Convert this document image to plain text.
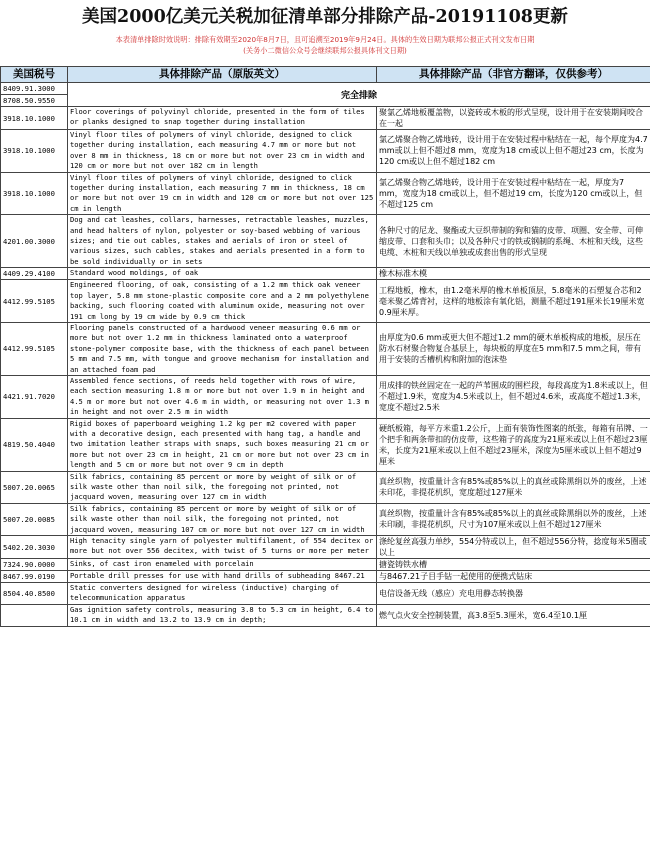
美国2000亿美元关税加征清单部分排除产品-20191108更新
本表清单排除时效说明：排除有效期至2020年8月7日，且可追溯至2019年9月24日。具体的生效日期为联邦公报正式刊文发布日期
(关务小二微信公众号会继续联邦公报具体刊文日期)
美国税号	具体排除产品（原版英文）	具体排除产品（非官方翻译，仅供参考）
8409.91.3000	完全排除	
8708.50.9550		
3918.10.1000	Floor coverings of polyvinyl chloride, presented in the form of tiles or planks designed to snap together during installation	聚氯乙烯地板覆盖物，以瓷砖或木板的形式呈现，设计用于在安装期间咬合在一起
3918.10.1000	Vinyl floor tiles of polymers of vinyl chloride, designed to click together during installation, each measuring 4.7 mm or more but not over 8 mm in thickness, 18 cm or more but not over 23 cm in width and 120 cm or more but not over 182 cm in length	氯乙烯聚合物乙烯地砖，设计用于在安装过程中粘结在一起，每个厚度为4.7 mm或以上但不超过8 mm，宽度为18 cm或以上但不超过23 cm，长度为120 cm或以上但不超过182 cm
3918.10.1000	Vinyl floor tiles of polymers of vinyl chloride, designed to click together during installation, each measuring 7 mm in thickness, 18 cm or more but not over 19 cm in width and 120 cm or more but not over 125 cm in length	氯乙烯聚合物乙烯地砖，设计用于在安装过程中粘结在一起，厚度为7 mm，宽度为18 cm或以上，但不超过19 cm，长度为120 cm或以上，但不超过125 cm
4201.00.3000	Dog and cat leashes, collars, harnesses, retractable leashes, muzzles, and head halters of nylon, polyester or soy-based webbing of various sizes; and tie out cables, stakes and aerials of iron or steel of various sizes, such cables, stakes and aerials presented in a form to be sold individually or in sets	各种尺寸的尼龙、聚酯或大豆织带制的狗和猫的皮带、项圈、安全带、可伸缩皮带、口套和头巾；以及各种尺寸的铁或钢制的系绳、木桩和天线，这些电缆、木桩和天线以单独或成套出售的形式呈现
4409.29.4100	Standard wood moldings, of oak	橡木标准木模
4412.99.5105	Engineered flooring, of oak, consisting of a 1.2 mm thick oak veneer top layer, 5.8 mm stone-plastic composite core and a 2 mm polyethylene backing, such flooring coated with aluminum oxide, measuring not over 191 cm long by 19 cm wide by 0.9 cm thick	工程地板，橡木，由1.2毫米厚的橡木单板顶层，5.8毫米的石塑复合芯和2毫米聚乙烯背衬，这样的地板涂有氧化铝，测量不超过191厘米长19厘米宽0.9厘米厚。
4412.99.5105	Flooring panels constructed of a hardwood veneer measuring 0.6 mm or more but not over 1.2 mm in thickness laminated onto a waterproof stone-polymer composite base, with the thickness of each panel between 5 mm and 7.5 mm, with tongue and groove mechanism for installation and an attached foam pad	由厚度为0.6 mm或更大但不超过1.2 mm的硬木单板构成的地板，层压在防水石材聚合物复合基层上，每块板的厚度在5 mm和7.5 mm之间，带有用于安装的舌槽机构和附加的泡沫垫
4421.91.7020	Assembled fence sections, of reeds held together with rows of wire, each section measuring 1.8 m or more but not over 1.9 m in height and 4.5 m or more but not over 4.6 m in width, or measuring not over 1.3 m in height and not over 2.5 m in width	用成排的铁丝固定在一起的芦苇围成的围栏段，每段高度为1.8米或以上，但不超过1.9米，宽度为4.5米或以上，但不超过4.6米，或高度不超过1.3米，宽度不超过2.5米
4819.50.4040	Rigid boxes of paperboard weighing 1.2 kg per m2 covered with paper with a decorative design, each presented with hang tag, a handle and two imitation leather straps with snaps, such boxes measuring 21 cm or more but not over 23 cm in height, 21 cm or more but not over 23 cm in length and 5 cm or more but not over 9 cm in depth	硬纸板箱，每平方米重1.2公斤，上面有装饰性图案的纸张，每箱有吊牌、一个把手和两条带扣的仿皮带，这些箱子的高度为21厘米或以上但不超过23厘米，长度为21厘米或以上但不超过23厘米，深度为5厘米或以上但不超过9厘米
5007.20.0065	Silk fabrics, containing 85 percent or more by weight of silk or of silk waste other than noil silk, the foregoing not printed, not jacquard woven, measuring over 127 cm in width	真丝织物，按重量计含有85%或85%以上的真丝或除黑绢以外的废丝，上述未印花，非提花机织，宽度超过127厘米
5007.20.0085	Silk fabrics, containing 85 percent or more by weight of silk or of silk waste other than noil silk, the foregoing not printed, not jacquard woven, measuring 107 cm or more but not over 127 cm in width	真丝织物，按重量计含有85%或85%以上的真丝或除黑绢以外的废丝，上述未印刷，非提花机织，尺寸为107厘米或以上但不超过127厘米
5402.20.3030	High tenacity single yarn of polyester multifilament, of 554 decitex or more but not over 556 decitex, with twist of 5 turns or more per meter	涤纶复丝高强力单纱，554分特或以上，但不超过556分特，捻度每米5圈或以上
7324.90.0000	Sinks, of cast iron enameled with porcelain	搪瓷铸铁水槽
8467.99.0190	Portable drill presses for use with hand drills of subheading 8467.21	与8467.21子目手钻一起使用的便携式钻床
8504.40.8500	Static converters designed for wireless (inductive) charging of telecommunication apparatus	电信设备无线（感应）充电用静态转换器
	Gas ignition safety controls, measuring 3.8 to 5.3 cm in height, 6.4 to 10.1 cm in width and 13.2 to 13.9 cm in depth;	燃气点火安全控制装置，高3.8至5.3厘米，宽6.4至10.1厘
